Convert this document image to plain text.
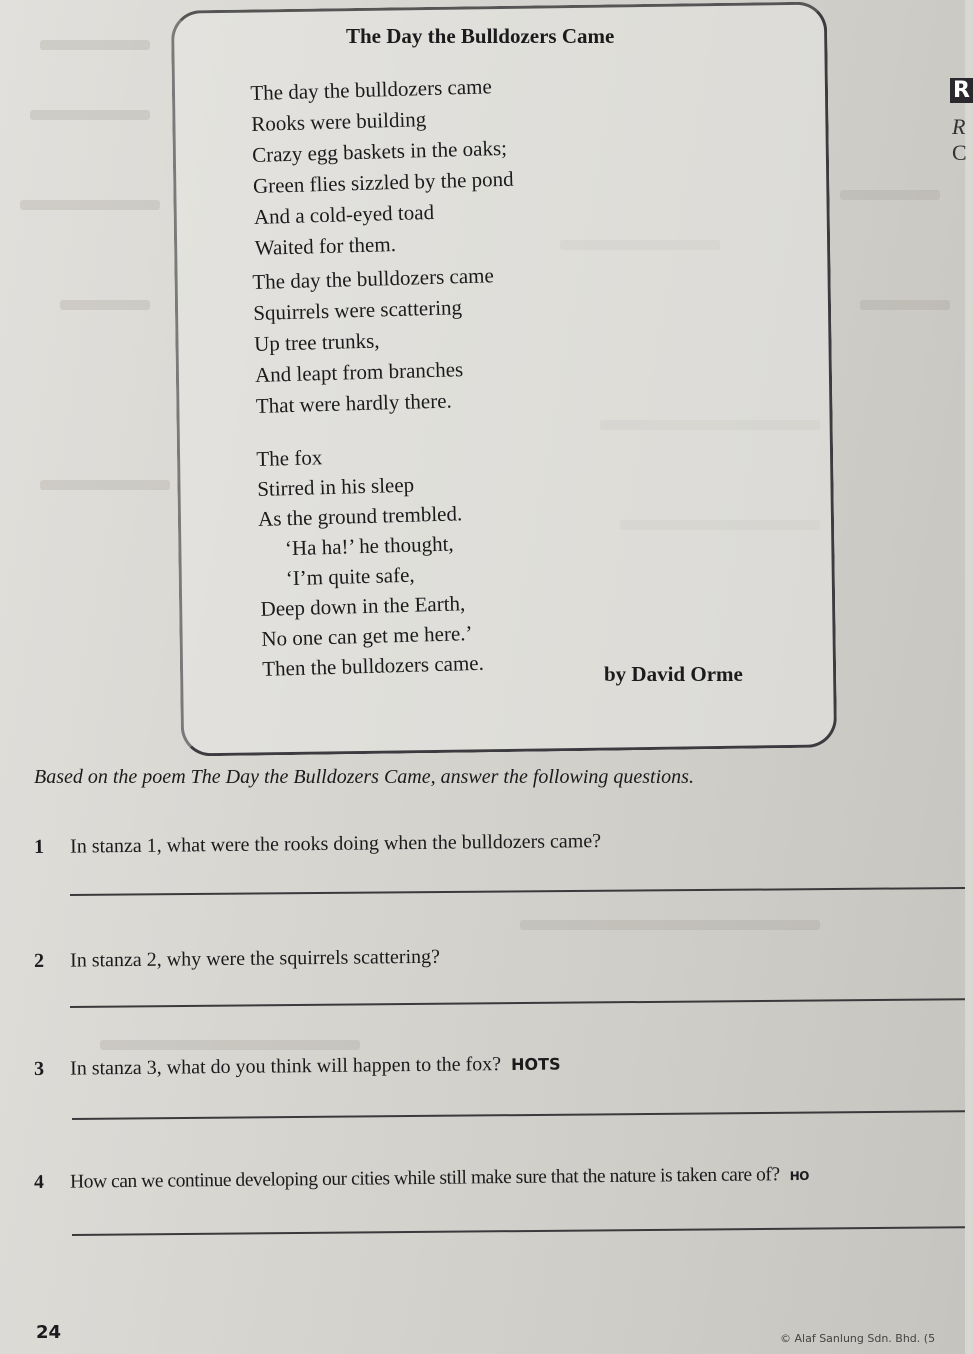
The Day the Bulldozers Came
The day the bulldozers came
Rooks were building
Crazy egg baskets in the oaks;
Green flies sizzled by the pond
And a cold-eyed toad
Waited for them.
The day the bulldozers came
Squirrels were scattering
Up tree trunks,
And leapt from branches
That were hardly there.
The fox
Stirred in his sleep
As the ground trembled.
‘Ha ha!’ he thought,
‘I’m quite safe,
Deep down in the Earth,
No one can get me here.’
Then the bulldozers came.	by David Orme
R
R
C
Based on the poem The Day the Bulldozers Came, answer the following questions.
1 In stanza 1, what were the rooks doing when the bulldozers came?
2 In stanza 2, why were the squirrels scattering?
3 In stanza 3, what do you think will happen to the fox? HOTS
4 How can we continue developing our cities while still make sure that the nature is taken care of? HO
24	© Alaf Sanlung Sdn. Bhd. (5
